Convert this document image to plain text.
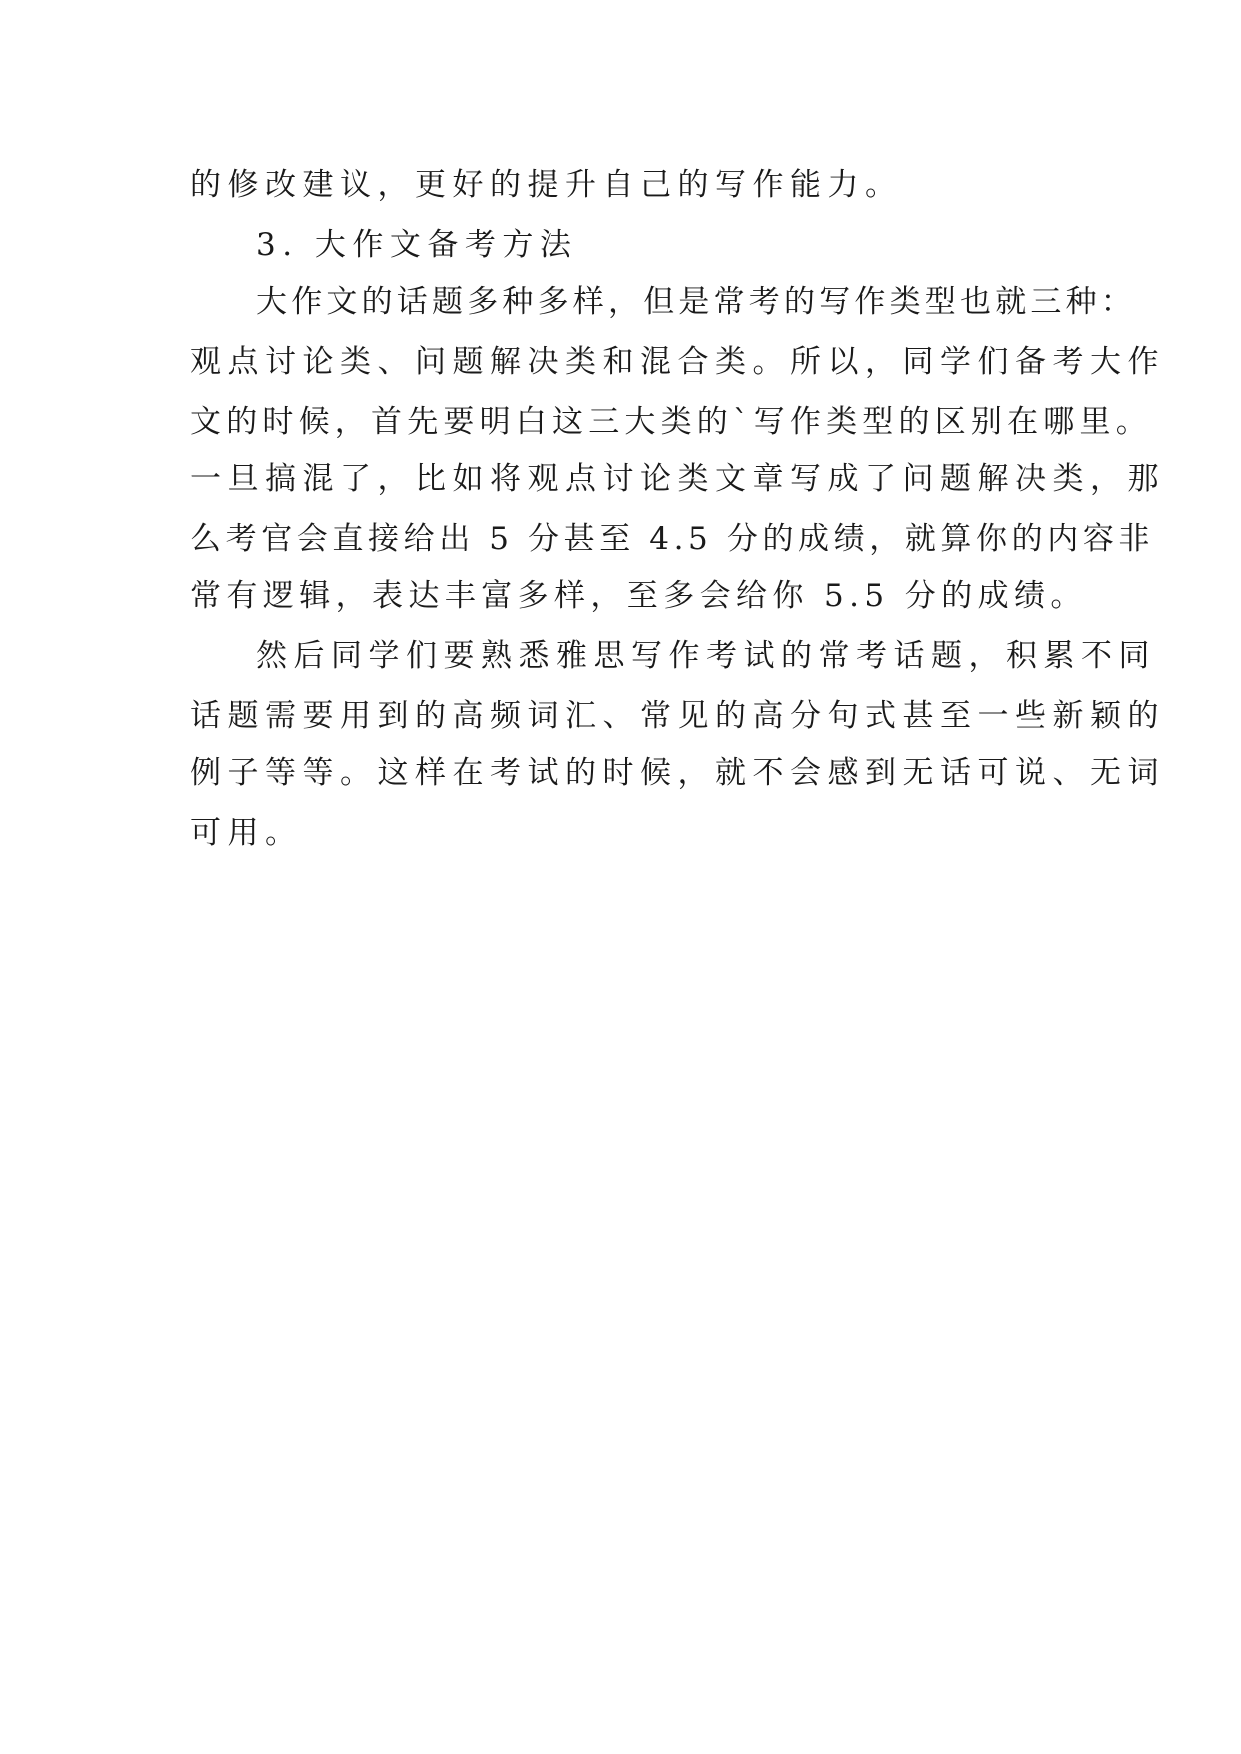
的修改建议，更好的提升自己的写作能力。
3. 大作文备考方法
大作文的话题多种多样，但是常考的写作类型也就三种：
观点讨论类、问题解决类和混合类。所以，同学们备考大作
文的时候，首先要明白这三大类的`写作类型的区别在哪里。
一旦搞混了，比如将观点讨论类文章写成了问题解决类，那
么考官会直接给出 5 分甚至 4.5 分的成绩，就算你的内容非
常有逻辑，表达丰富多样，至多会给你 5.5 分的成绩。
然后同学们要熟悉雅思写作考试的常考话题，积累不同
话题需要用到的高频词汇、常见的高分句式甚至一些新颖的
例子等等。这样在考试的时候，就不会感到无话可说、无词
可用。
